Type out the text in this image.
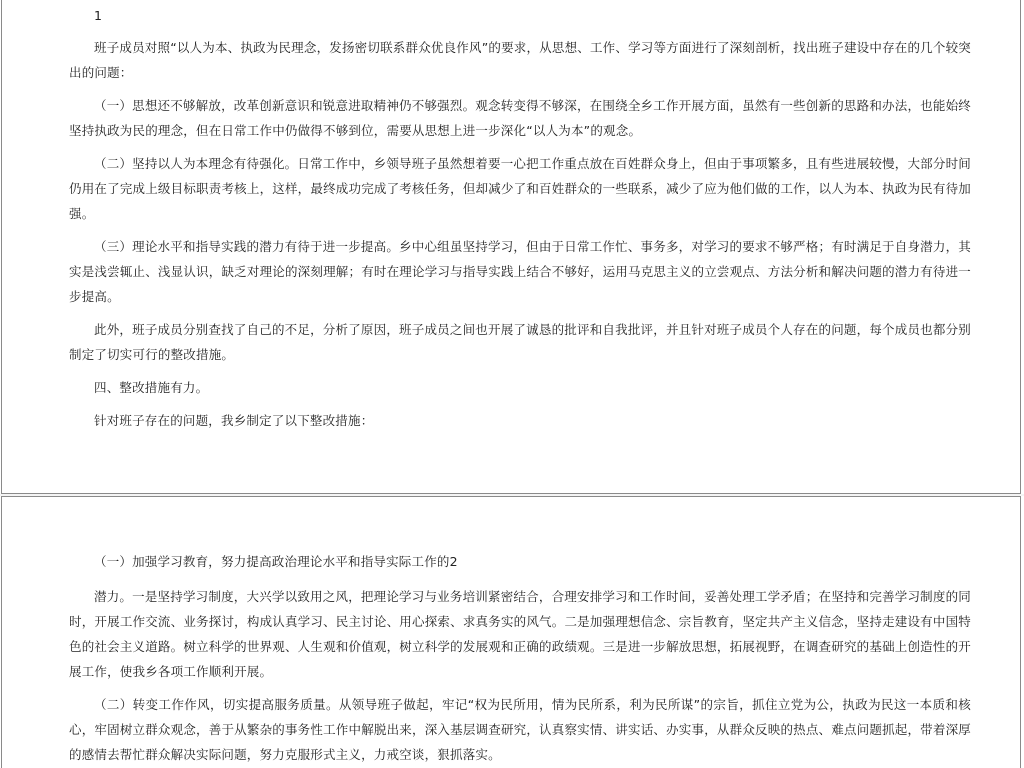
1

班子成员对照“以人为本、执政为民理念，发扬密切联系群众优良作风”的要求，从思想、工作、学习等方面进行了深刻剖析，找出班子建设中存在的几个较突出的问题：

（一）思想还不够解放，改革创新意识和锐意进取精神仍不够强烈。观念转变得不够深，在围绕全乡工作开展方面，虽然有一些创新的思路和办法，也能始终坚持执政为民的理念，但在日常工作中仍做得不够到位，需要从思想上进一步深化“以人为本”的观念。

（二）坚持以人为本理念有待强化。日常工作中，乡领导班子虽然想着要一心把工作重点放在百姓群众身上，但由于事项繁多，且有些进展较慢，大部分时间仍用在了完成上级目标职责考核上，这样，最终成功完成了考核任务，但却减少了和百姓群众的一些联系，减少了应为他们做的工作，以人为本、执政为民有待加强。

（三）理论水平和指导实践的潜力有待于进一步提高。乡中心组虽坚持学习，但由于日常工作忙、事务多，对学习的要求不够严格；有时满足于自身潜力，其实是浅尝辄止、浅显认识，缺乏对理论的深刻理解；有时在理论学习与指导实践上结合不够好，运用马克思主义的立尝观点、方法分析和解决问题的潜力有待进一步提高。

此外，班子成员分别查找了自己的不足，分析了原因，班子成员之间也开展了诚恳的批评和自我批评，并且针对班子成员个人存在的问题，每个成员也都分别制定了切实可行的整改措施。

四、整改措施有力。

针对班子存在的问题，我乡制定了以下整改措施：

（一）加强学习教育，努力提高政治理论水平和指导实际工作的2

潜力。一是坚持学习制度，大兴学以致用之风，把理论学习与业务培训紧密结合，合理安排学习和工作时间，妥善处理工学矛盾；在坚持和完善学习制度的同时，开展工作交流、业务探讨，构成认真学习、民主讨论、用心探索、求真务实的风气。二是加强理想信念、宗旨教育，坚定共产主义信念，坚持走建设有中国特色的社会主义道路。树立科学的世界观、人生观和价值观，树立科学的发展观和正确的政绩观。三是进一步解放思想，拓展视野，在调查研究的基础上创造性的开展工作，使我乡各项工作顺利开展。

（二）转变工作作风，切实提高服务质量。从领导班子做起，牢记“权为民所用，情为民所系，利为民所谋”的宗旨，抓住立党为公，执政为民这一本质和核 心，牢固树立群众观念，善于从繁杂的事务性工作中解脱出来，深入基层调查研究，认真察实情、讲实话、办实事，从群众反映的热点、难点问题抓起，带着深厚的感情去帮忙群众解决实际问题，努力克服形式主义，力戒空谈，狠抓落实。
